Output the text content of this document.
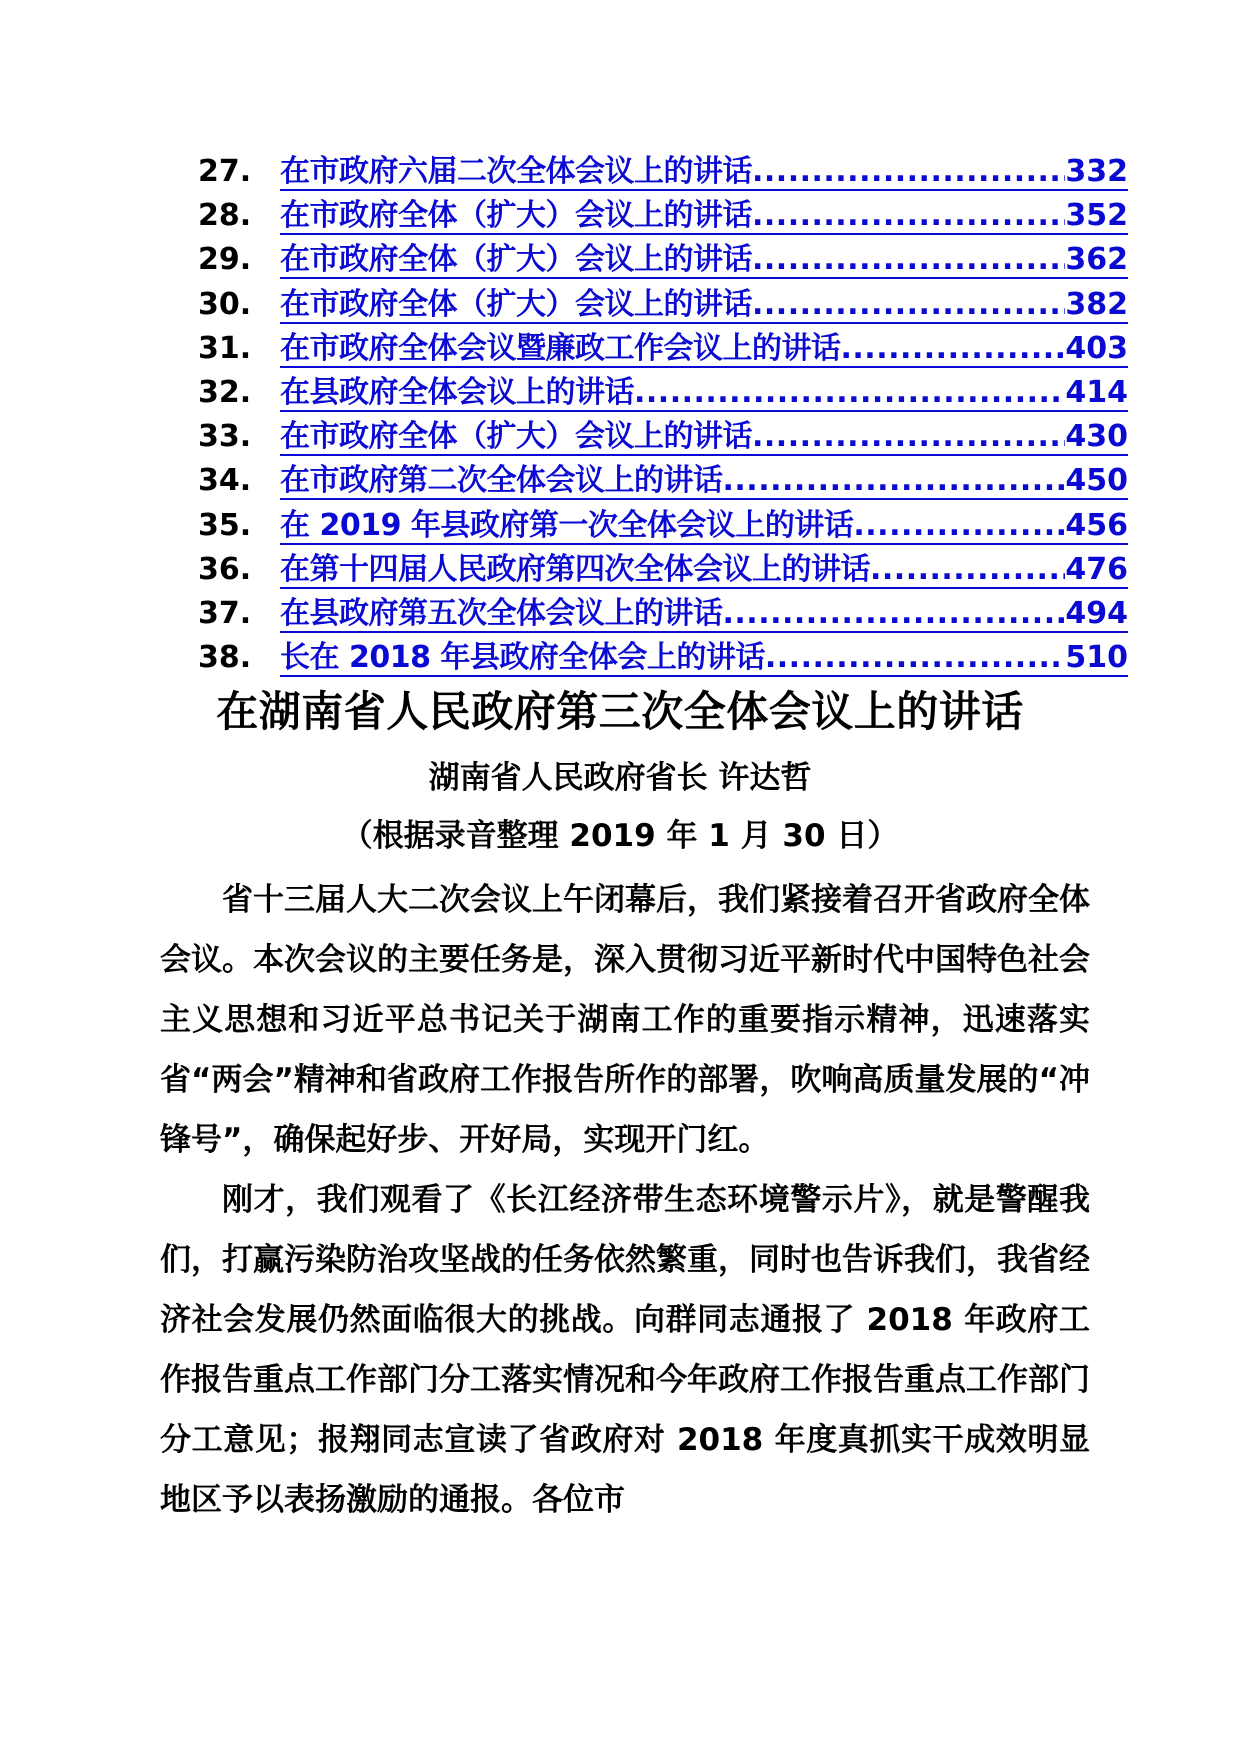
27. 在市政府六届二次全体会议上的讲话 .....	332
28. 在市政府全体（扩大）会议上的讲话 .....	352
29. 在市政府全体（扩大）会议上的讲话 .....	362
30. 在市政府全体（扩大）会议上的讲话 .....	382
31. 在市政府全体会议暨廉政工作会议上的讲话 .....	403
32. 在县政府全体会议上的讲话 .....	414
33. 在市政府全体（扩大）会议上的讲话 .....	430
34. 在市政府第二次全体会议上的讲话 .....	450
35. 在 2019 年县政府第一次全体会议上的讲话 .....	456
36. 在第十四届人民政府第四次全体会议上的讲话 .....	476
37. 在县政府第五次全体会议上的讲话 .....	494
38. 长在 2018 年县政府全体会上的讲话 .....	510
在湖南省人民政府第三次全体会议上的讲话
湖南省人民政府省长 许达哲
（根据录音整理 2019 年 1 月 30 日）

省十三届人大二次会议上午闭幕后，我们紧接着召开省政府全体会议。本次会议的主要任务是，深入贯彻习近平新时代中国特色社会主义思想和习近平总书记关于湖南工作的重要指示精神，迅速落实省“两会”精神和省政府工作报告所作的部署，吹响高质量发展的“冲锋号”，确保起好步、开好局，实现开门红。

刚才，我们观看了《长江经济带生态环境警示片》，就是警醒我们，打赢污染防治攻坚战的任务依然繁重，同时也告诉我们，我省经济社会发展仍然面临很大的挑战。向群同志通报了 2018 年政府工作报告重点工作部门分工落实情况和今年政府工作报告重点工作部门分工意见；报翔同志宣读了省政府对 2018 年度真抓实干成效明显地区予以表扬激励的通报。各位市
